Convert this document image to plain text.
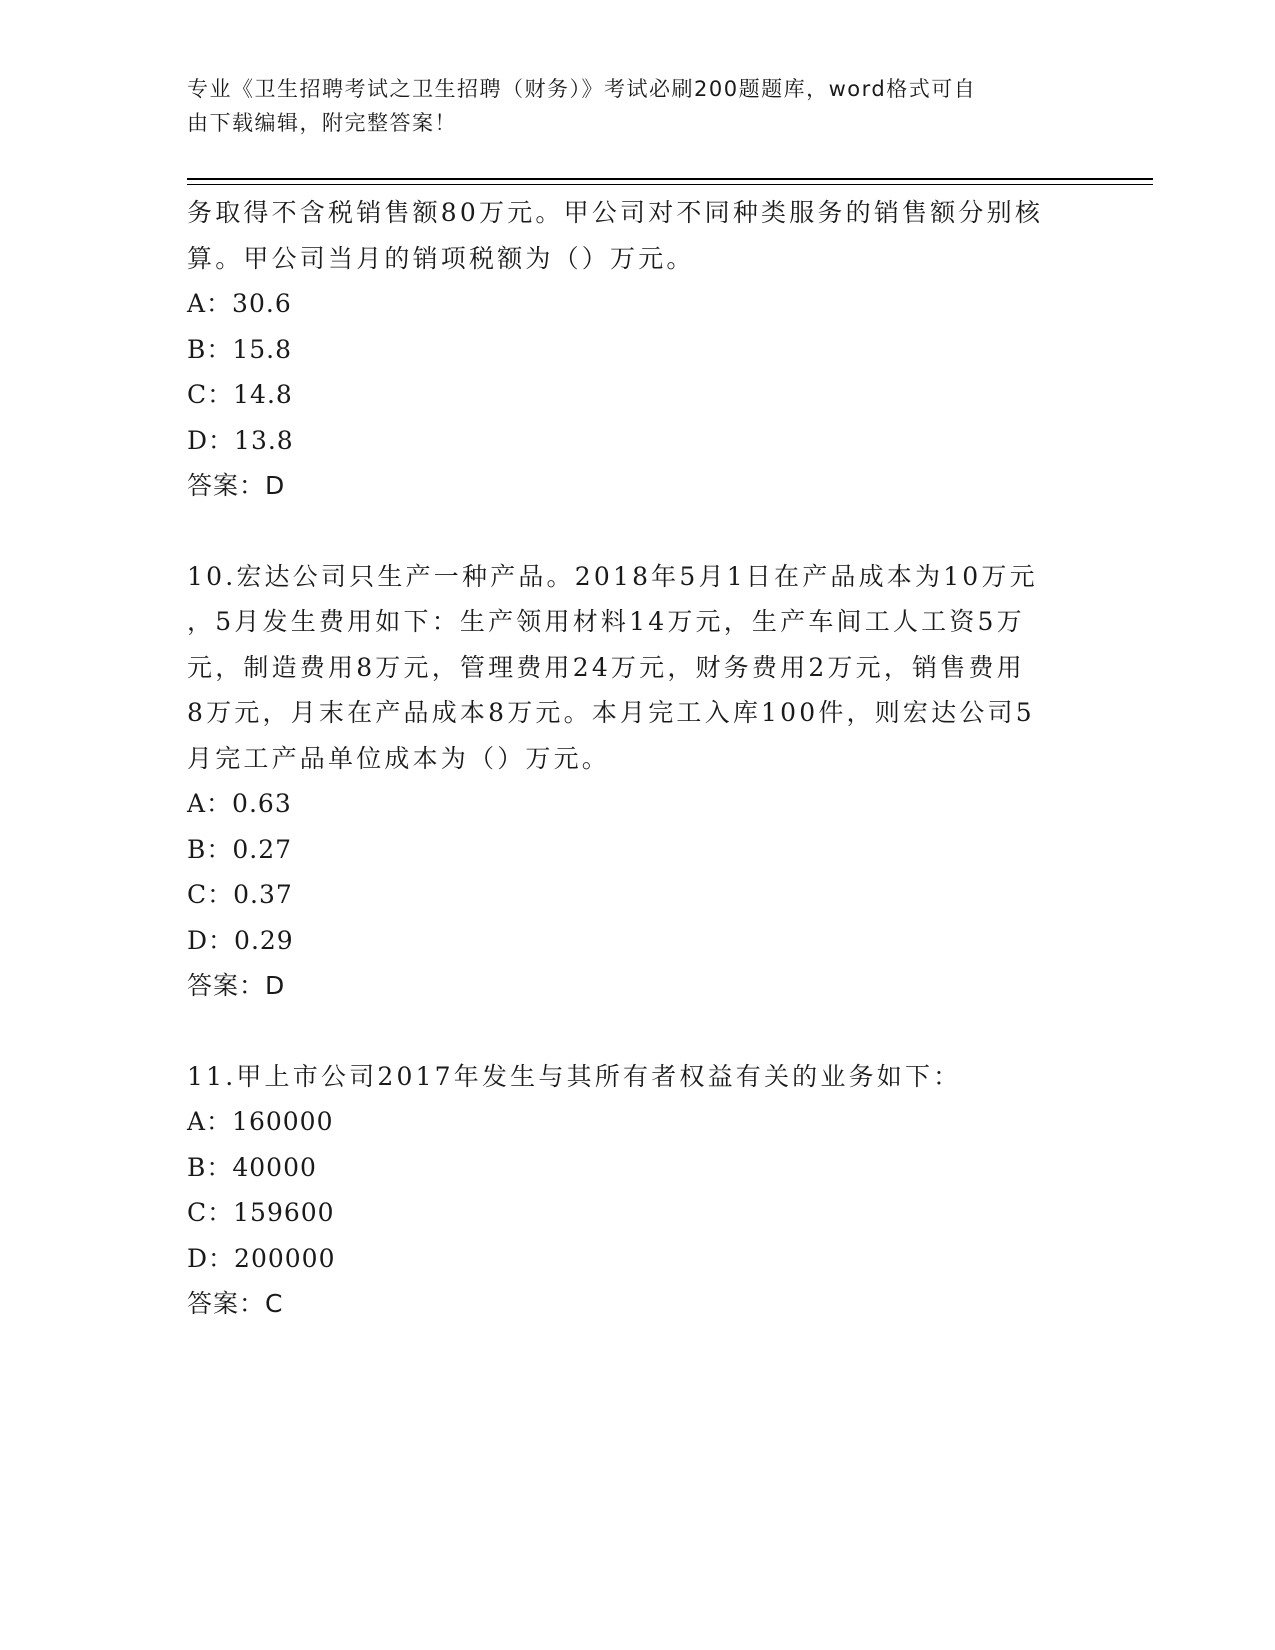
专业《卫生招聘考试之卫生招聘（财务）》考试必刷200题题库，word格式可自
由下载编辑，附完整答案！

务取得不含税销售额80万元。甲公司对不同种类服务的销售额分别核

算。甲公司当月的销项税额为（）万元。

A：30.6

B：15.8

C：14.8

D：13.8

答案：D

10.宏达公司只生产一种产品。2018年5月1日在产品成本为10万元

，5月发生费用如下：生产领用材料14万元，生产车间工人工资5万

元，制造费用8万元，管理费用24万元，财务费用2万元，销售费用

8万元，月末在产品成本8万元。本月完工入库100件，则宏达公司5

月完工产品单位成本为（）万元。

A：0.63

B：0.27

C：0.37

D：0.29

答案：D

11.甲上市公司2017年发生与其所有者权益有关的业务如下：

A：160000

B：40000

C：159600

D：200000

答案：C
